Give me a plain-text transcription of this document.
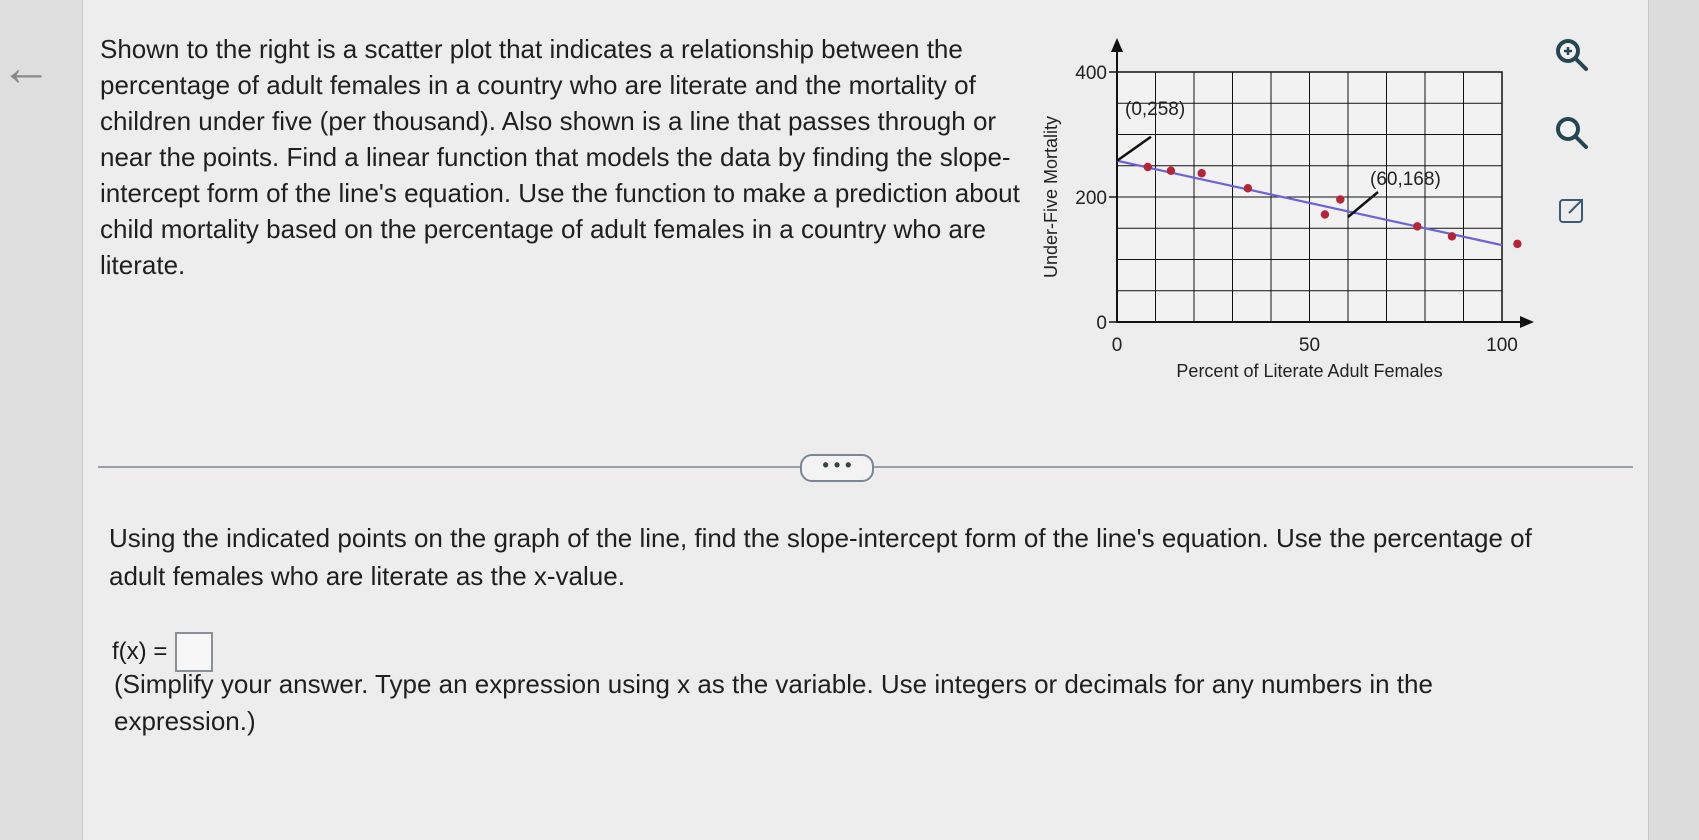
← Shown to the right is a scatter plot that indicates a relationship between the percentage of adult females in a country who are literate and the mortality of children under five (per thousand). Also shown is a line that passes through or near the points. Find a linear function that models the data by finding the slope-intercept form of the line's equation. Use the function to make a prediction about child mortality based on the percentage of adult females in a country who are literate.
0
200
400
0	50	100
Percent of Literate Adult Females
Under-Five Mortality
(0,258)
(60,168)
• • •
Using the indicated points on the graph of the line, find the slope-intercept form of the line's equation. Use the percentage of adult females who are literate as the x-value.
f(x) =
(Simplify your answer. Type an expression using x as the variable. Use integers or decimals for any numbers in the expression.)
